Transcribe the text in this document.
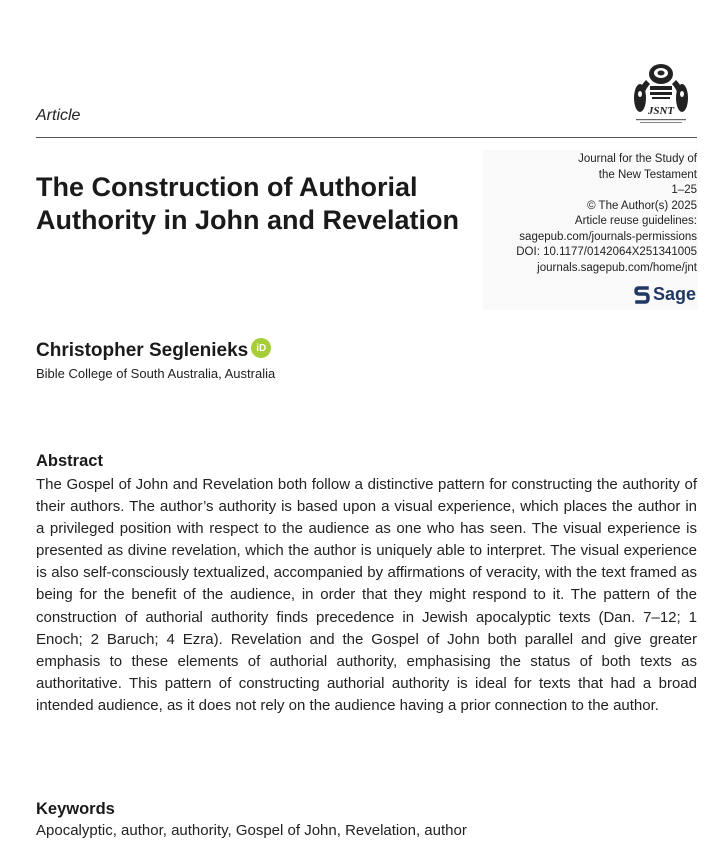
JSNT
Article
The Construction of Authorial Authority in John and Revelation
Journal for the Study of
the New Testament
1–25
© The Author(s) 2025
Article reuse guidelines:
sagepub.com/journals-permissions
DOI: 10.1177/0142064X251341005
journals.sagepub.com/home/jnt
Sage
Christopher Seglenieks iD
Bible College of South Australia, Australia
Abstract

The Gospel of John and Revelation both follow a distinctive pattern for constructing the authority of their authors. The author’s authority is based upon a visual experience, which places the author in a privileged position with respect to the audience as one who has seen. The visual experience is presented as divine revelation, which the author is uniquely able to interpret. The visual experience is also self-consciously textualized, accompanied by affirmations of veracity, with the text framed as being for the benefit of the audience, in order that they might respond to it. The pattern of the construction of authorial authority finds precedence in Jewish apocalyptic texts (Dan. 7–12; 1 Enoch; 2 Baruch; 4 Ezra). Revelation and the Gospel of John both parallel and give greater emphasis to these elements of authorial authority, emphasising the status of both texts as authoritative. This pattern of constructing authorial authority is ideal for texts that had a broad intended audience, as it does not rely on the audience having a prior connection to the author.

Keywords
Apocalyptic, author, authority, Gospel of John, Revelation, author
